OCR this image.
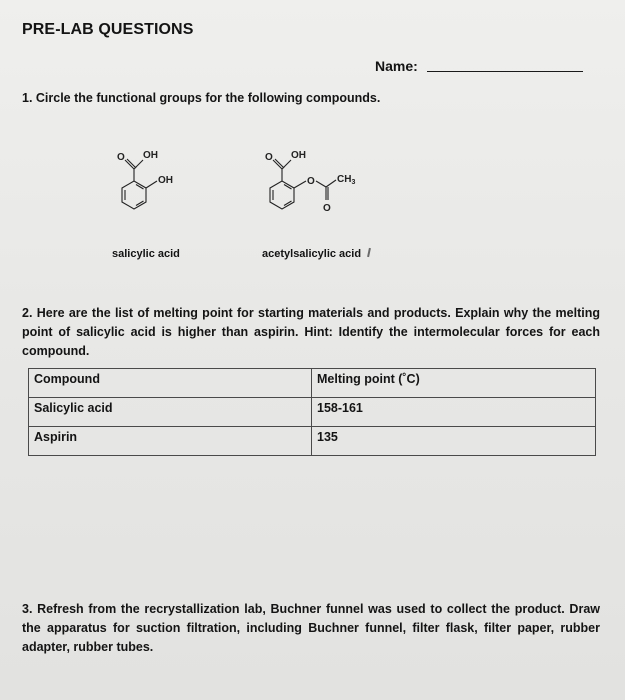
PRE-LAB QUESTIONS
Name:
1. Circle the functional groups for the following compounds.
O OH
OH
salicylic acid
O OH
O $CH_3$
O
acetylsalicylic acid
2. Here are the list of melting point for starting materials and products. Explain why the melting point of salicylic acid is higher than aspirin. Hint: Identify the intermolecular forces for each compound.
Compound	Melting point (˚C)
Salicylic acid	158-161
Aspirin	135
3. Refresh from the recrystallization lab, Buchner funnel was used to collect the product. Draw the apparatus for suction filtration, including Buchner funnel, filter flask, filter paper, rubber adapter, rubber tubes.
